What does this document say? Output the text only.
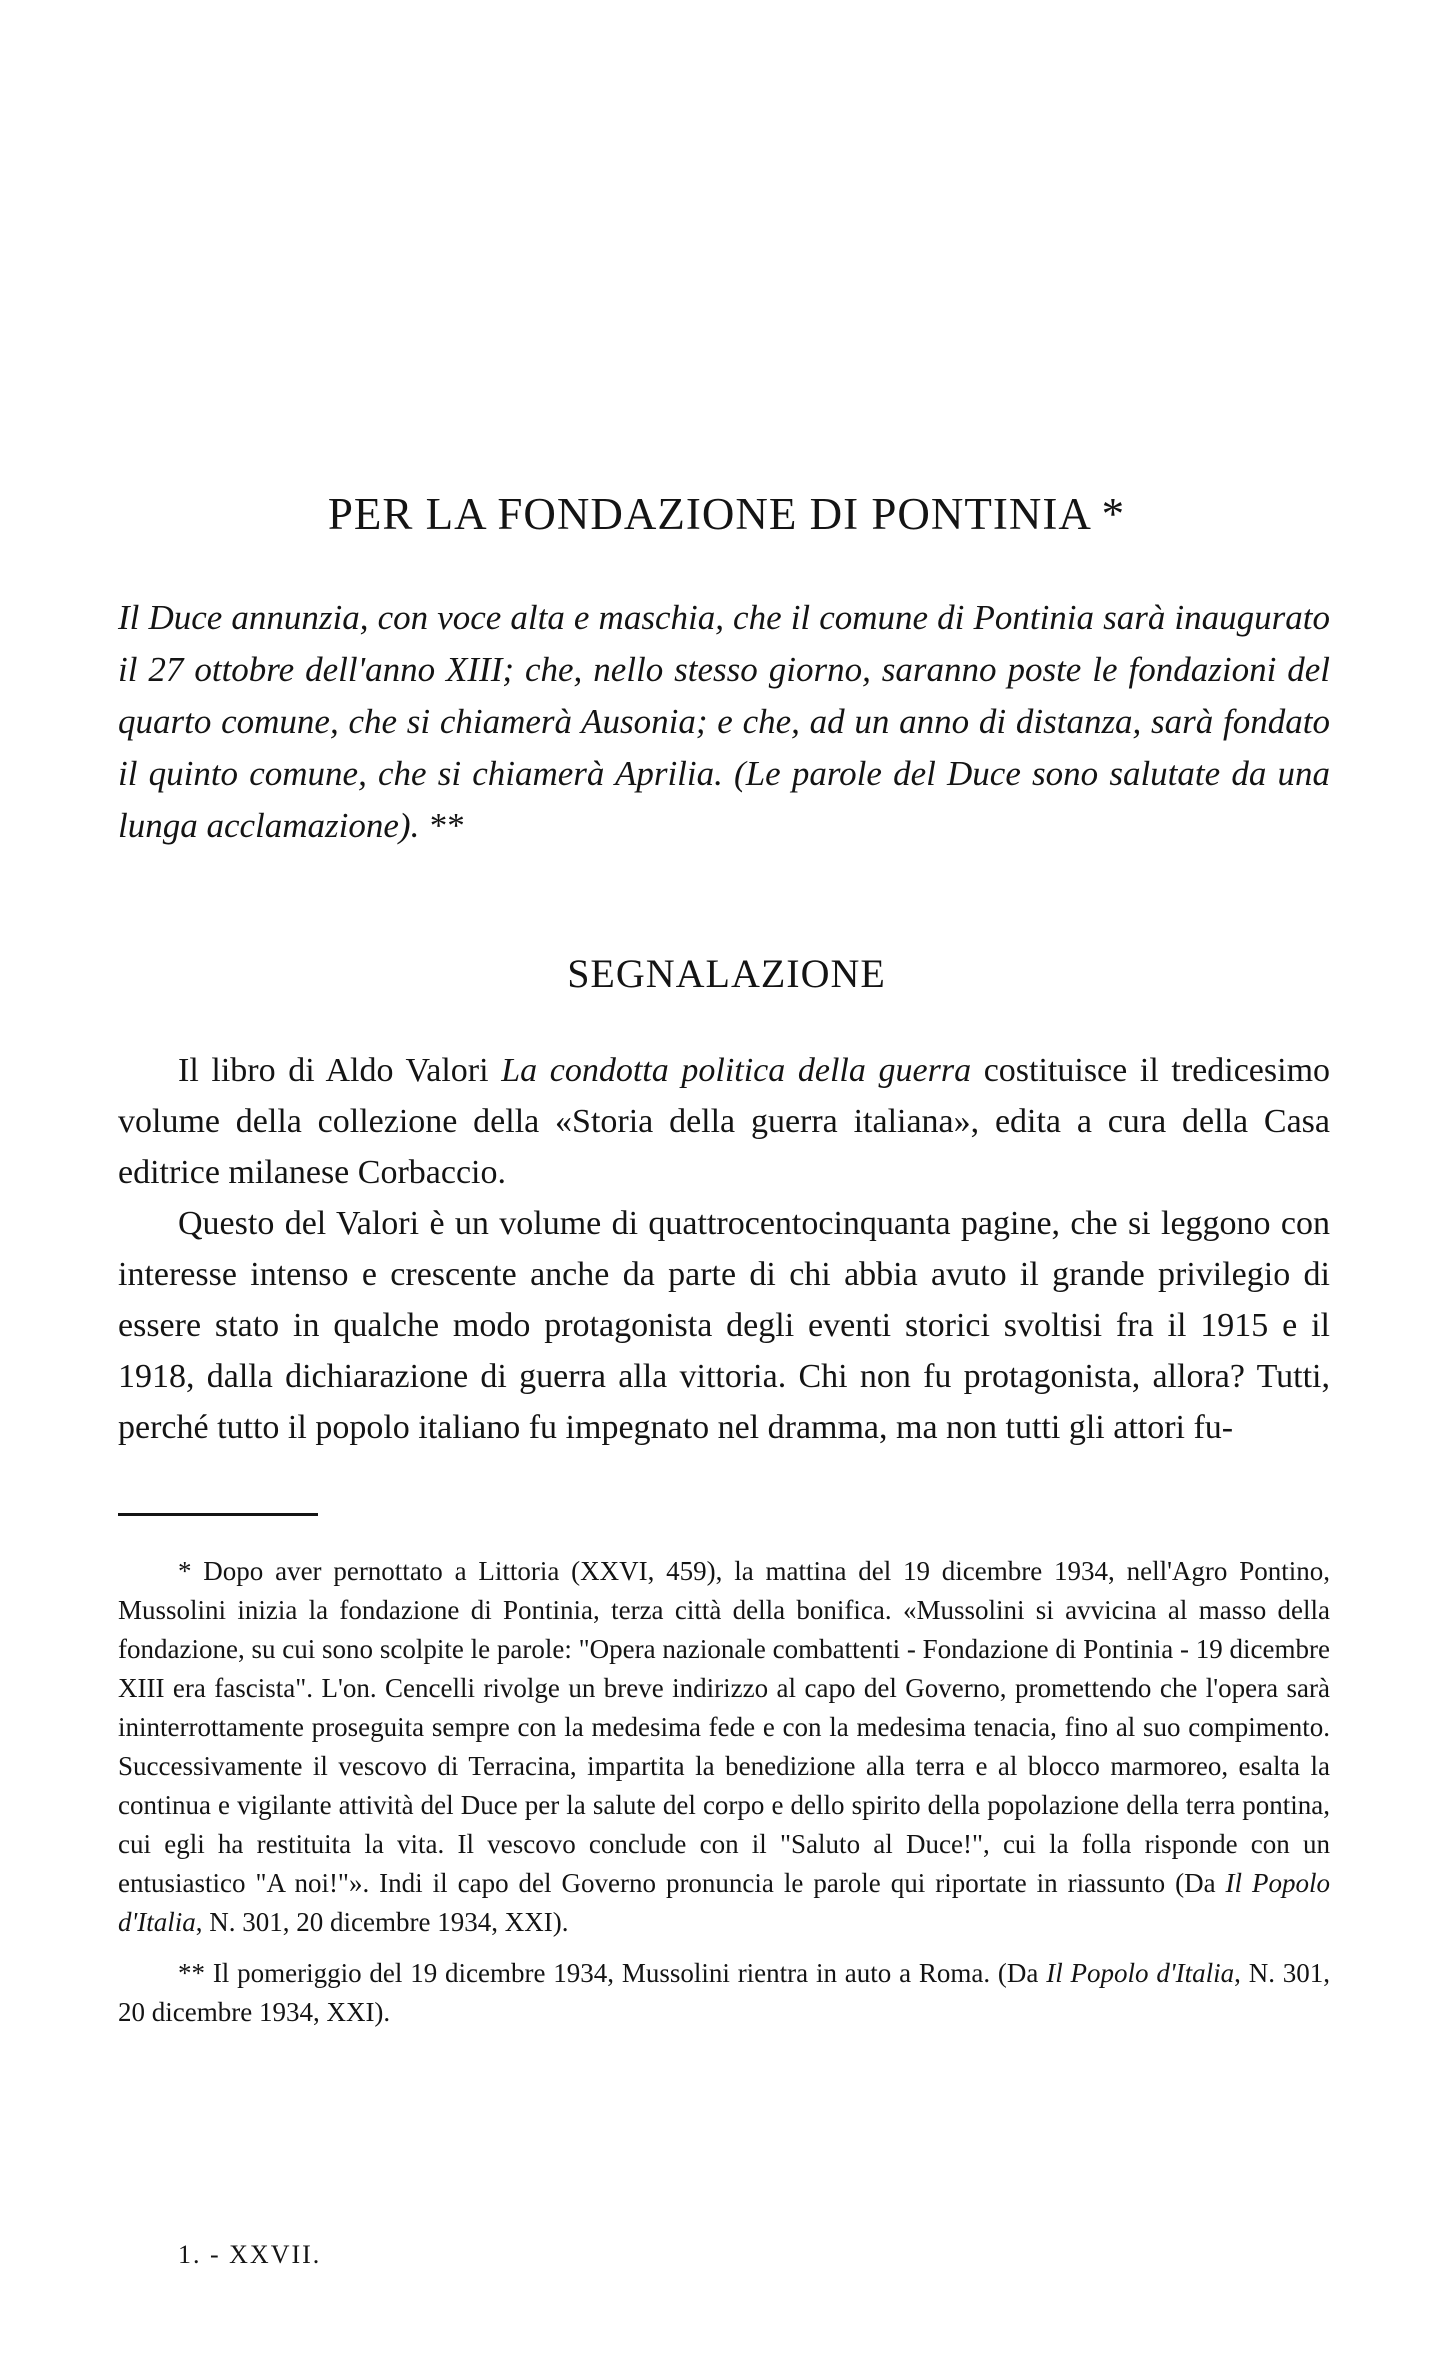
PER LA FONDAZIONE DI PONTINIA *
Il Duce annunzia, con voce alta e maschia, che il comune di Pontinia sarà inaugurato il 27 ottobre dell'anno XIII; che, nello stesso giorno, saranno poste le fondazioni del quarto comune, che si chiamerà Ausonia; e che, ad un anno di distanza, sarà fondato il quinto comune, che si chiamerà Aprilia. (Le parole del Duce sono salutate da una lunga acclamazione). **
SEGNALAZIONE

Il libro di Aldo Valori La condotta politica della guerra costituisce il tredicesimo volume della collezione della «Storia della guerra italiana», edita a cura della Casa editrice milanese Corbaccio.

Questo del Valori è un volume di quattrocentocinquanta pagine, che si leggono con interesse intenso e crescente anche da parte di chi abbia avuto il grande privilegio di essere stato in qualche modo protagonista degli eventi storici svoltisi fra il 1915 e il 1918, dalla dichiarazione di guerra alla vittoria. Chi non fu protagonista, allora? Tutti, perché tutto il popolo italiano fu impegnato nel dramma, ma non tutti gli attori fu-

* Dopo aver pernottato a Littoria (XXVI, 459), la mattina del 19 dicembre 1934, nell'Agro Pontino, Mussolini inizia la fondazione di Pontinia, terza città della bonifica. «Mussolini si avvicina al masso della fondazione, su cui sono scolpite le parole: "Opera nazionale combattenti - Fondazione di Pontinia - 19 dicembre XIII era fascista". L'on. Cencelli rivolge un breve indirizzo al capo del Governo, promettendo che l'opera sarà ininterrottamente proseguita sempre con la medesima fede e con la medesima tenacia, fino al suo compimento. Successivamente il vescovo di Terracina, impartita la benedizione alla terra e al blocco marmoreo, esalta la continua e vigilante attività del Duce per la salute del corpo e dello spirito della popolazione della terra pontina, cui egli ha restituita la vita. Il vescovo conclude con il "Saluto al Duce!", cui la folla risponde con un entusiastico "A noi!"». Indi il capo del Governo pronuncia le parole qui riportate in riassunto (Da Il Popolo d'Italia, N. 301, 20 dicembre 1934, XXI).

** Il pomeriggio del 19 dicembre 1934, Mussolini rientra in auto a Roma. (Da Il Popolo d'Italia, N. 301, 20 dicembre 1934, XXI).

1. - XXVII.
